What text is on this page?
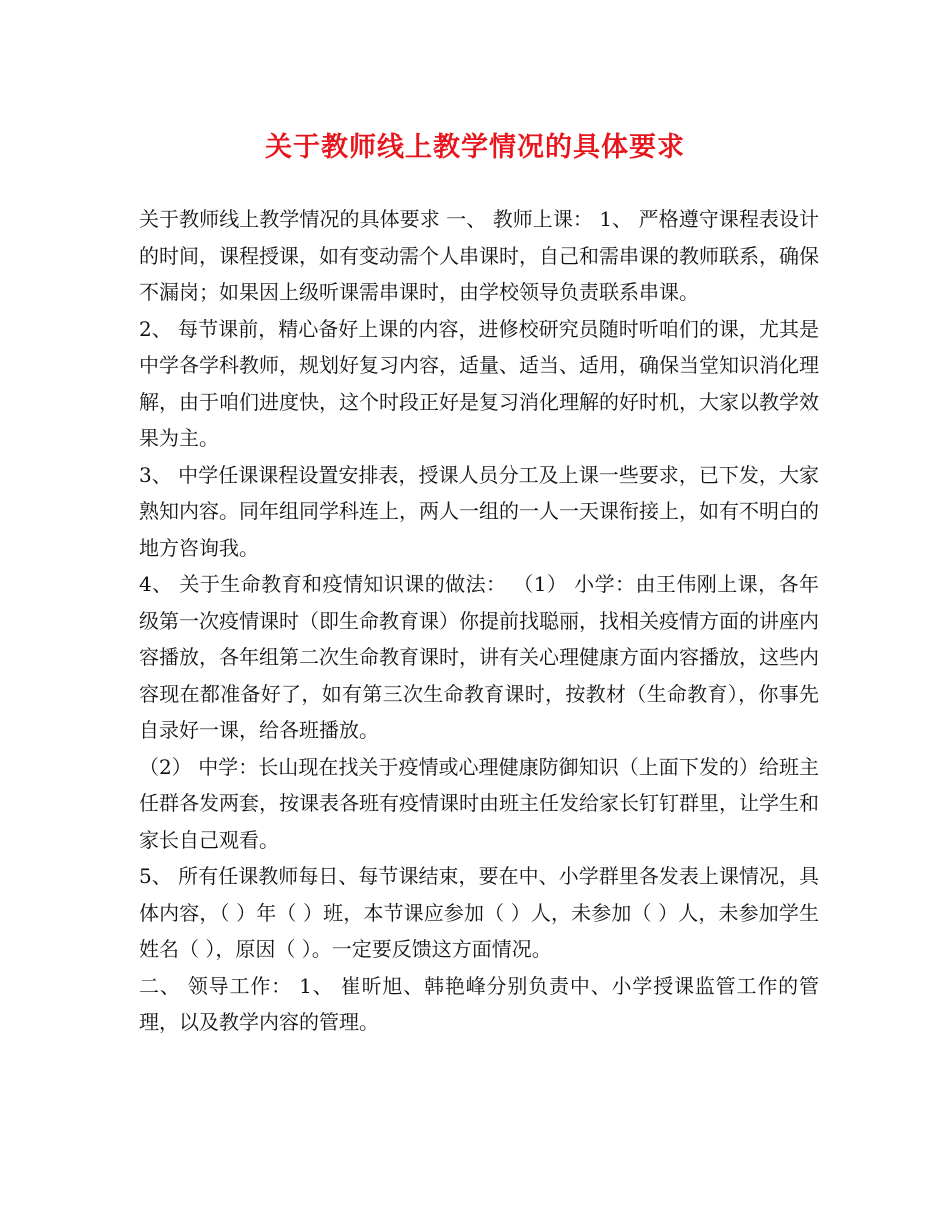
关于教师线上教学情况的具体要求

关于教师线上教学情况的具体要求 一、 教师上课： 1、 严格遵守课程表设计的时间，课程授课，如有变动需个人串课时，自己和需串课的教师联系，确保不漏岗；如果因上级听课需串课时，由学校领导负责联系串课。

2、 每节课前，精心备好上课的内容，进修校研究员随时听咱们的课，尤其是中学各学科教师，规划好复习内容，适量、适当、适用，确保当堂知识消化理解，由于咱们进度快，这个时段正好是复习消化理解的好时机，大家以教学效果为主。

3、 中学任课课程设置安排表，授课人员分工及上课一些要求，已下发，大家熟知内容。同年组同学科连上，两人一组的一人一天课衔接上，如有不明白的地方咨询我。

4、 关于生命教育和疫情知识课的做法： （1） 小学：由王伟刚上课，各年级第一次疫情课时（即生命教育课）你提前找聪丽，找相关疫情方面的讲座内容播放，各年组第二次生命教育课时，讲有关心理健康方面内容播放，这些内容现在都准备好了，如有第三次生命教育课时，按教材（生命教育），你事先自录好一课，给各班播放。

（2） 中学：长山现在找关于疫情或心理健康防御知识（上面下发的）给班主任群各发两套，按课表各班有疫情课时由班主任发给家长钉钉群里，让学生和家长自己观看。

5、 所有任课教师每日、每节课结束，要在中、小学群里各发表上课情况，具体内容，（ ）年（ ）班，本节课应参加（ ）人，未参加（ ）人，未参加学生姓名（ ），原因（ ）。一定要反馈这方面情况。

二、 领导工作： 1、 崔昕旭、韩艳峰分别负责中、小学授课监管工作的管理，以及教学内容的管理。
